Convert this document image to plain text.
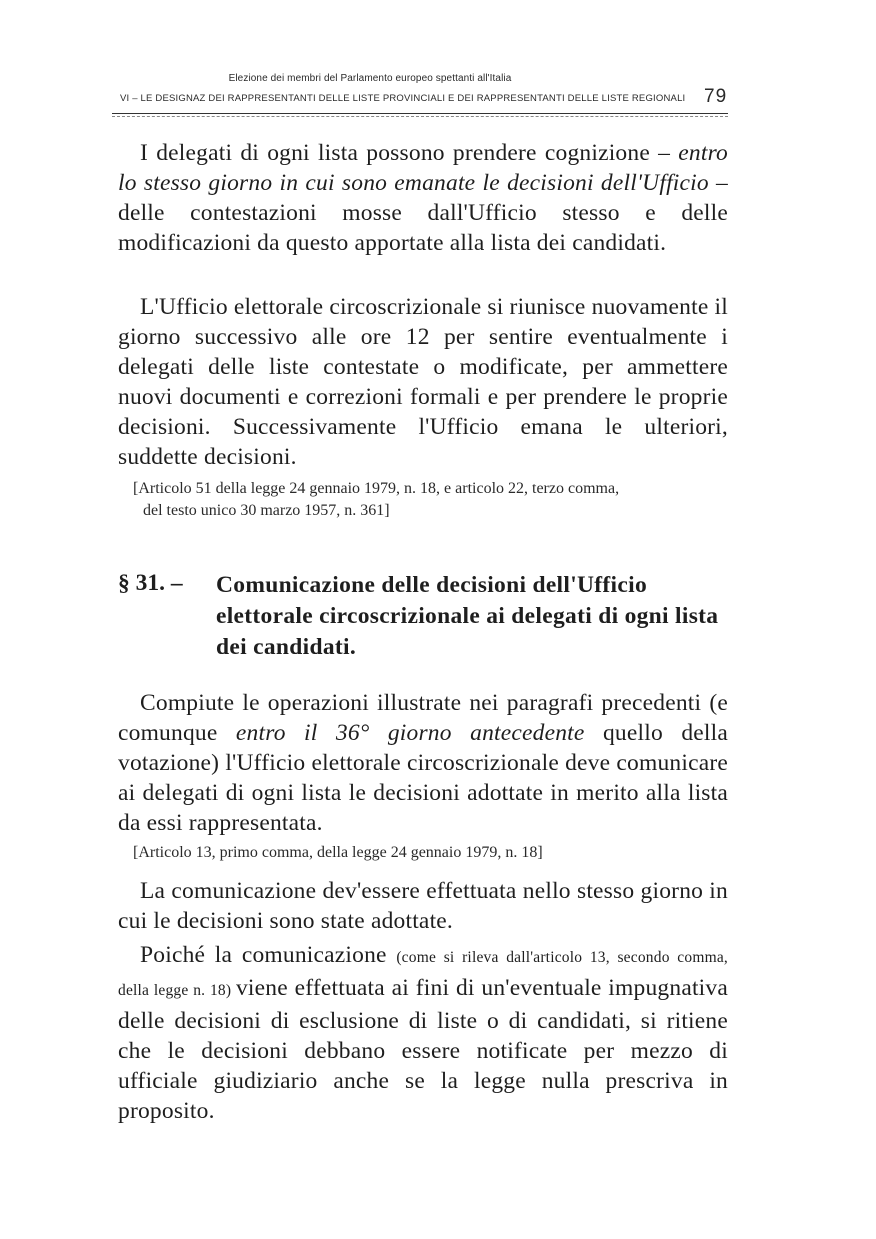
Elezione dei membri del Parlamento europeo spettanti all'Italia
VI – LE DESIGNAZ DEI RAPPRESENTANTI DELLE LISTE PROVINCIALI E DEI RAPPRESENTANTI DELLE LISTE REGIONALI 79

I delegati di ogni lista possono prendere cognizione – entro lo stesso giorno in cui sono emanate le decisioni dell'Ufficio – delle contestazioni mosse dall'Ufficio stesso e delle modificazioni da questo apportate alla lista dei candidati.

L'Ufficio elettorale circoscrizionale si riunisce nuovamente il giorno successivo alle ore 12 per sentire eventualmente i delegati delle liste contestate o modificate, per ammettere nuovi documenti e correzioni formali e per prendere le proprie decisioni. Successivamente l'Ufficio emana le ulteriori, suddette decisioni.

[Articolo 51 della legge 24 gennaio 1979, n. 18, e articolo 22, terzo comma,
del testo unico 30 marzo 1957, n. 361]

§ 31. – Comunicazione delle decisioni dell'Ufficio elettorale circoscrizionale ai delegati di ogni lista dei candidati.

Compiute le operazioni illustrate nei paragrafi precedenti (e comunque entro il 36° giorno antecedente quello della votazione) l'Ufficio elettorale circoscrizionale deve comunicare ai delegati di ogni lista le decisioni adottate in merito alla lista da essi rappresentata.

[Articolo 13, primo comma, della legge 24 gennaio 1979, n. 18]

La comunicazione dev'essere effettuata nello stesso giorno in cui le decisioni sono state adottate.

Poiché la comunicazione (come si rileva dall'articolo 13, secondo comma, della legge n. 18) viene effettuata ai fini di un'eventuale impugnativa delle decisioni di esclusione di liste o di candidati, si ritiene che le decisioni debbano essere notificate per mezzo di ufficiale giudiziario anche se la legge nulla prescriva in proposito.
